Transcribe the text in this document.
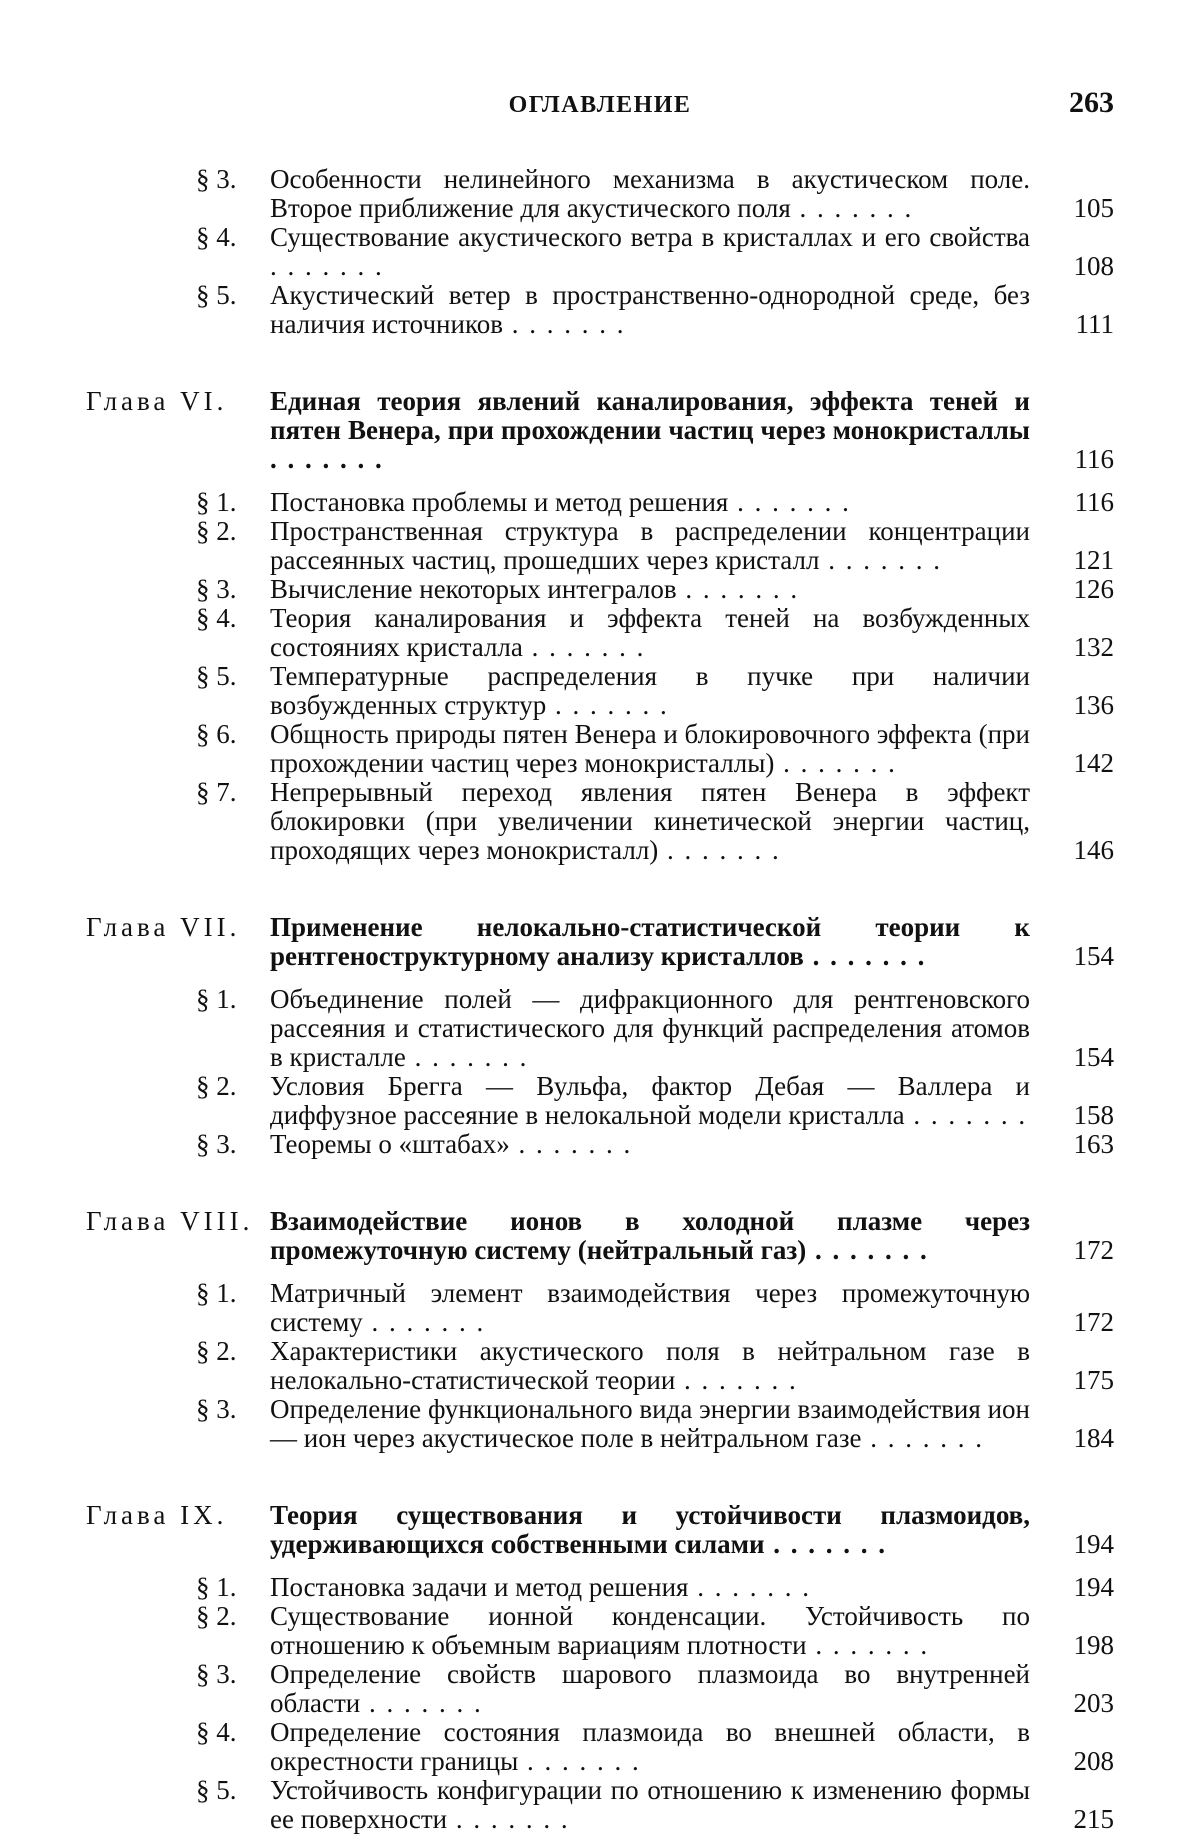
ОГЛАВЛЕНИЕ	263
§ 3. Особенности нелинейного механизма в акустическом поле. Второе приближение для акустического поля . . . . . . .	105
§ 4. Существование акустического ветра в кристаллах и его свойства . . . . . . .	108
§ 5. Акустический ветер в пространственно-однородной среде, без наличия источников . . . . . . .	111
Глава VI. Единая теория явлений каналирования, эффекта теней и пятен Венера, при прохождении частиц через монокристаллы . . . . . . .	116
§ 1. Постановка проблемы и метод решения . . . . . . .	116
§ 2. Пространственная структура в распределении концентрации рассеянных частиц, прошедших через кристалл . . . . . . .	121
§ 3. Вычисление некоторых интегралов . . . . . . .	126
§ 4. Теория каналирования и эффекта теней на возбужденных состояниях кристалла . . . . . . .	132
§ 5. Температурные распределения в пучке при наличии возбужденных структур . . . . . . .	136
§ 6. Общность природы пятен Венера и блокировочного эффекта (при прохождении частиц через монокристаллы) . . . . . . .	142
§ 7. Непрерывный переход явления пятен Венера в эффект блокировки (при увеличении кинетической энергии частиц, проходящих через монокристалл) . . . . . . .	146
Глава VII. Применение нелокально-статистической теории к рентгеноструктурному анализу кристаллов . . . . . . .	154
§ 1. Объединение полей — дифракционного для рентгеновского рассеяния и статистического для функций распределения атомов в кристалле . . . . . . .	154
§ 2. Условия Брегга — Вульфа, фактор Дебая — Валлера и диффузное рассеяние в нелокальной модели кристалла . . . . . . . 158
§ 3. Теоремы о «штабах» . . . . . . .	163
Глава VIII. Взаимодействие ионов в холодной плазме через промежуточную систему (нейтральный газ) . . . . . . .	172
§ 1. Матричный элемент взаимодействия через промежуточную систему . . . . . . .	172
§ 2. Характеристики акустического поля в нейтральном газе в нелокально-статистической теории . . . . . . .	175
§ 3. Определение функционального вида энергии взаимодействия ион — ион через акустическое поле в нейтральном газе . . . . . . .	184
Глава IX. Теория существования и устойчивости плазмоидов, удерживающихся собственными силами . . . . . . .	194
§ 1. Постановка задачи и метод решения . . . . . . .	194
§ 2. Существование ионной конденсации. Устойчивость по отношению к объемным вариациям плотности . . . . . . .	198
§ 3. Определение свойств шарового плазмоида во внутренней области . . . . . . .	203
§ 4. Определение состояния плазмоида во внешней области, в окрестности границы . . . . . . .	208
§ 5. Устойчивость конфигурации по отношению к изменению формы ее поверхности . . . . . . .	215
